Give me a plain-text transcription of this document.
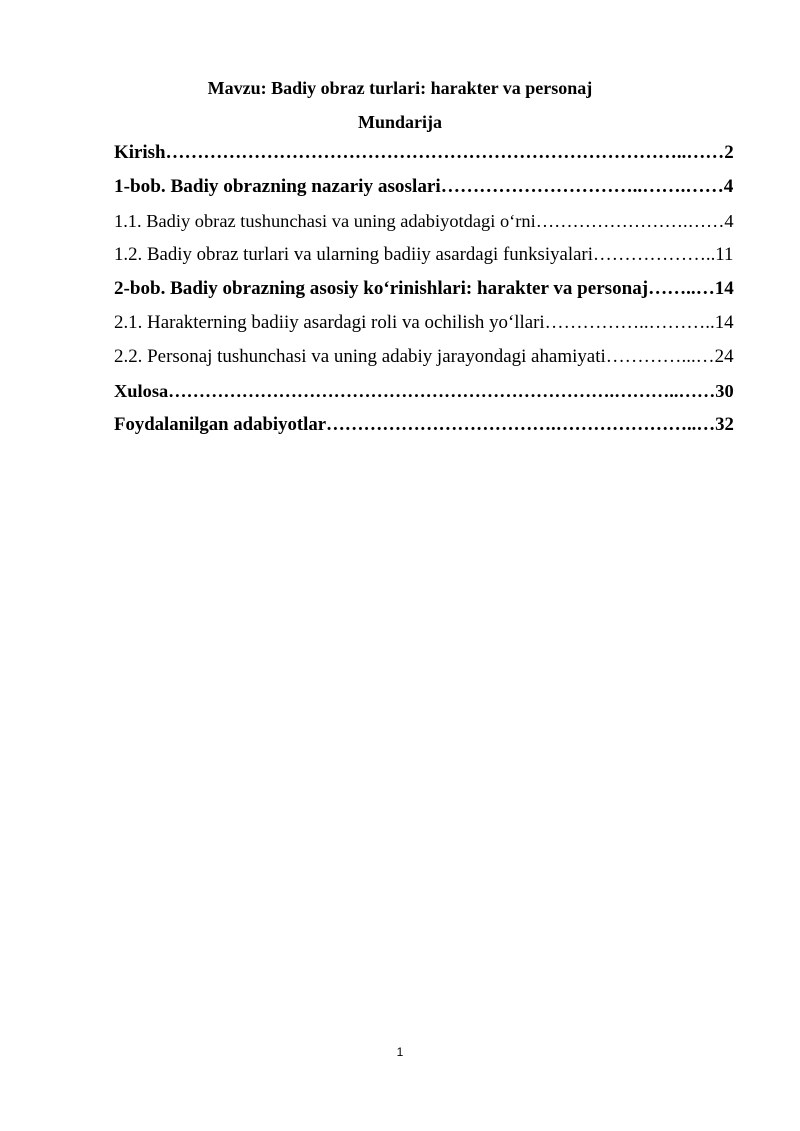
Mavzu: Badiy obraz turlari: harakter va personaj
Mundarija
Kirish………………………………………………………………………..……2
1-bob. Badiy obrazning nazariy asoslari…………………………..…….……4
1.1. Badiy obraz tushunchasi va uning adabiyotdagi o‘rni…………………….……4
1.2. Badiy obraz turlari va ularning badiiy asardagi funksiyalari………………..11
2-bob. Badiy obrazning asosiy ko‘rinishlari: harakter va personaj……..…14
2.1. Harakterning badiiy asardagi roli va ochilish yo‘llari……………..………..14
2.2. Personaj tushunchasi va uning adabiy jarayondagi ahamiyati…………...…24
Xulosa……………………………………………………………….………..……30
Foydalanilgan adabiyotlar……………………………….…………………..…32
1
